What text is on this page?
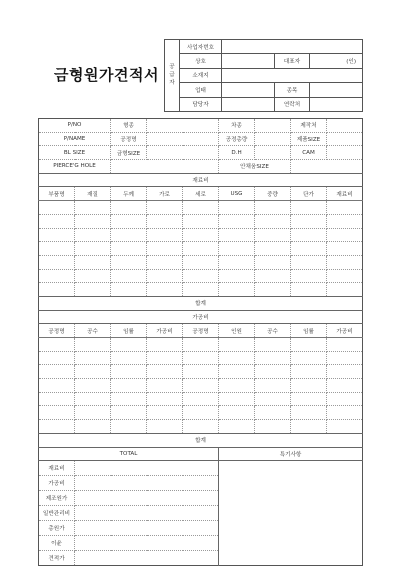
금형원가견적서 공
급
자	사업자번호			
	상호		대표자	(인)
	소재지			
	업태		종목	
	담당자		연락처	
P/NO		형종			차종		제작처	
P/NAME		공정명			공정총량		제품SIZE	
BL SIZE		금형SIZE			D.H		CAM	
PIERCE'G HOLE					안채움SIZE			
재료비								
부품명	재질	두께	가로	세로	USG	중량	단가	재료비

합계								
가공비								
공정명	공수	임률	가공비	공정명	인원	공수	임률	가공비

합계								
TOTAL					특기사항			
재료비								
가공비								
제조원가								
일반관리비								
총원가								
이윤								
견적가								
